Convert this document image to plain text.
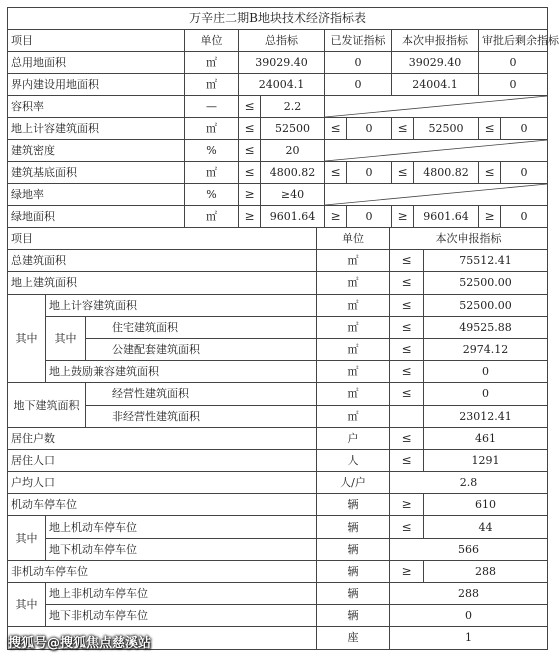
万辛庄二期B地块技术经济指标表									
项目	单位	总指标		已发证指标		本次申报指标		审批后剩余指标	
总用地面积	㎡	39029.40		0		39029.40		0	
界内建设用地面积	㎡	24004.1		0		24004.1		0	
容积率	—	≤	2.2	

地上计容建筑面积	㎡	≤	52500	≤	0	≤	52500	≤	0
建筑密度	%	≤	20	

建筑基底面积	㎡	≤	4800.82	≤	0	≤	4800.82	≤	0
绿地率	%	≥	≥40	

绿地面积	㎡	≥	9601.64	≥	0	≥	9601.64	≥	0
项目			单位	本次申报指标	
总建筑面积			㎡	≤	75512.41
地上建筑面积			㎡	≤	52500.00
其中	地上计容建筑面积		㎡	≤	52500.00
	其中	住宅建筑面积	㎡	≤	49525.88
		公建配套建筑面积	㎡	≤	2974.12
	地上鼓励兼容建筑面积		㎡	≤	0
地下建筑面积		经营性建筑面积	㎡	≤	0
		非经营性建筑面积	㎡		23012.41
居住户数			户	≤	461
居住人口			人	≤	1291
户均人口			人/户	2.8	
机动车停车位			辆	≥	610
其中	地上机动车停车位		辆	≤	44
	地下机动车停车位		辆	566	
非机动车停车位			辆	≥	288
其中	地上非机动车停车位		辆	288	
	地下非机动车停车位		辆	0	
			座	1	
搜狐号@搜狐焦点慈溪站
